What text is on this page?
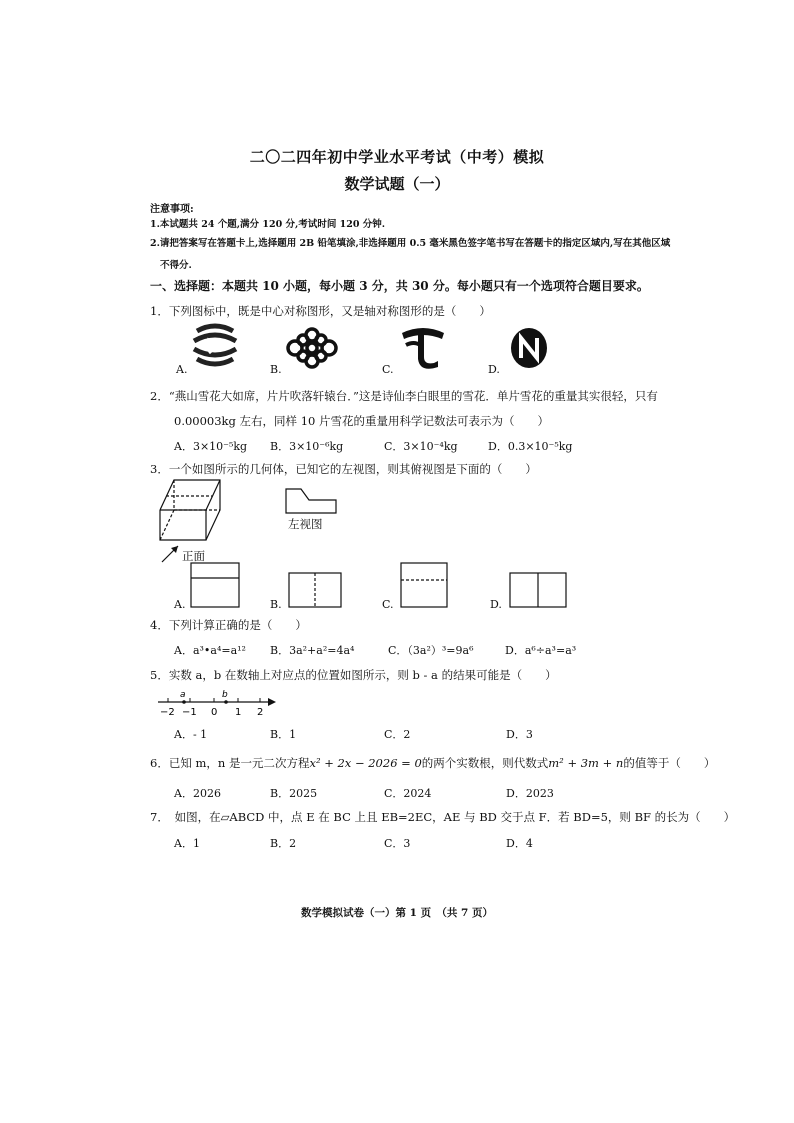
二〇二四年初中学业水平考试（中考）模拟
数学试题（一）
注意事项:
1.本试题共 24 个题,满分 120 分,考试时间 120 分钟.
2.请把答案写在答题卡上,选择题用 2B 铅笔填涂,非选择题用 0.5 毫米黑色签字笔书写在答题卡的指定区域内,写在其他区域
不得分.
一、选择题：本题共 10 小题，每小题 3 分，共 30 分。每小题只有一个选项符合题目要求。
1．下列图标中，既是中心对称图形，又是轴对称图形的是（　　）
A.	B.	C.	D.
2．“燕山雪花大如席，片片吹落轩辕台．”这是诗仙李白眼里的雪花．单片雪花的重量其实很轻，只有
0.00003kg 左右，同样 10 片雪花的重量用科学记数法可表示为（　　）
A．3×10⁻⁵kg B．3×10⁻⁶kg	C．3×10⁻⁴kg	D．0.3×10⁻⁵kg
3．一个如图所示的几何体，已知它的左视图，则其俯视图是下面的（　　）
正面
左视图
A.	B.	C.	D.
4．下列计算正确的是（　　）
A．a³•a⁴=a¹² B．3a²+a²=4a⁴	C．（3a²）³=9a⁶	D．a⁶÷a³=a³
5．实数 a，b 在数轴上对应点的位置如图所示，则 b - a 的结果可能是（　　）
a	b
−2 −1 0 1 2
A．- 1	B．1	C．2	D．3
6．已知 m，n 是一元二次方程x² + 2x − 2026 = 0的两个实数根，则代数式m² + 3m + n的值等于（　　）
A．2026	B．2025	C．2024	D．2023
7．　如图，在▱ABCD 中，点 E 在 BC 上且 EB=2EC，AE 与 BD 交于点 F．若 BD=5，则 BF 的长为（　　）
A．1	B．2	C．3	D．4
数学模拟试卷（一）第 1 页　（共 7 页）
